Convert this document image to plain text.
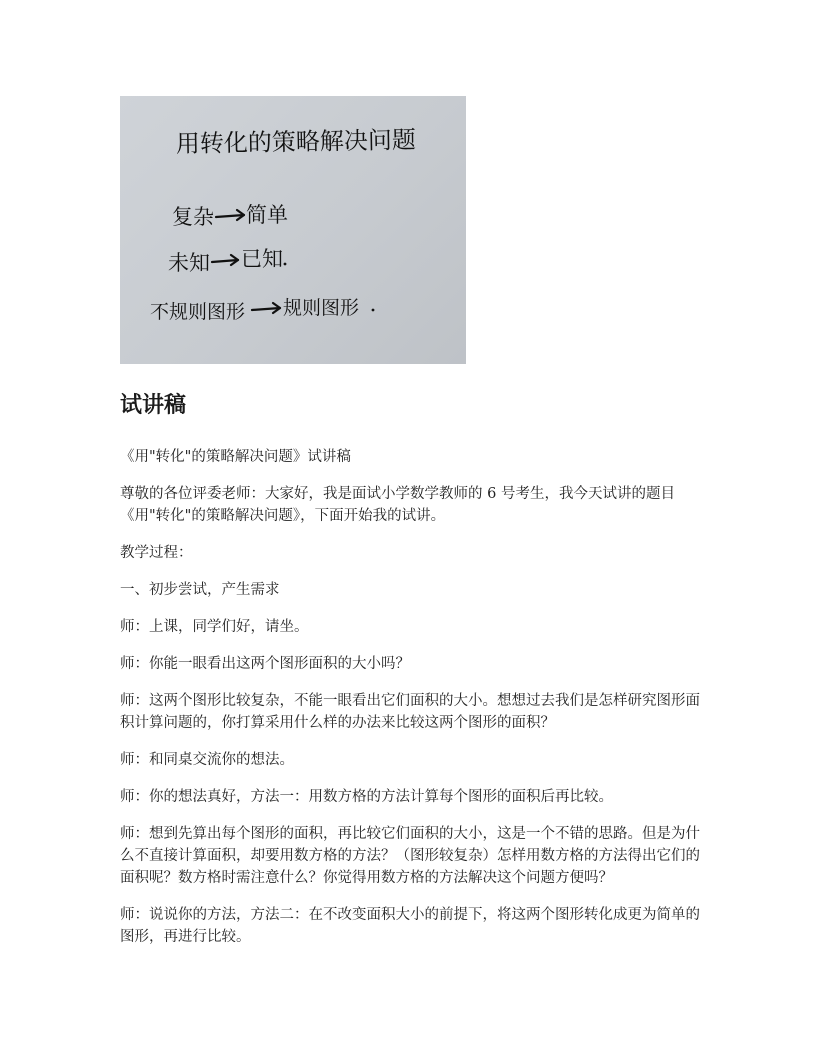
用转化的策略解决问题
复杂 简单
未知 已知
不规则图形 规则图形
试讲稿

《用"转化"的策略解决问题》试讲稿

尊敬的各位评委老师：大家好，我是面试小学数学教师的 6 号考生，我今天试讲的题目《用"转化"的策略解决问题》，下面开始我的试讲。

教学过程：

一、初步尝试，产生需求

师：上课，同学们好，请坐。

师：你能一眼看出这两个图形面积的大小吗？

师：这两个图形比较复杂，不能一眼看出它们面积的大小。想想过去我们是怎样研究图形面积计算问题的，你打算采用什么样的办法来比较这两个图形的面积？

师：和同桌交流你的想法。

师：你的想法真好，方法一：用数方格的方法计算每个图形的面积后再比较。

师：想到先算出每个图形的面积，再比较它们面积的大小，这是一个不错的思路。但是为什么不直接计算面积，却要用数方格的方法？（图形较复杂）怎样用数方格的方法得出它们的面积呢？数方格时需注意什么？你觉得用数方格的方法解决这个问题方便吗？

师：说说你的方法，方法二：在不改变面积大小的前提下，将这两个图形转化成更为简单的图形，再进行比较。
